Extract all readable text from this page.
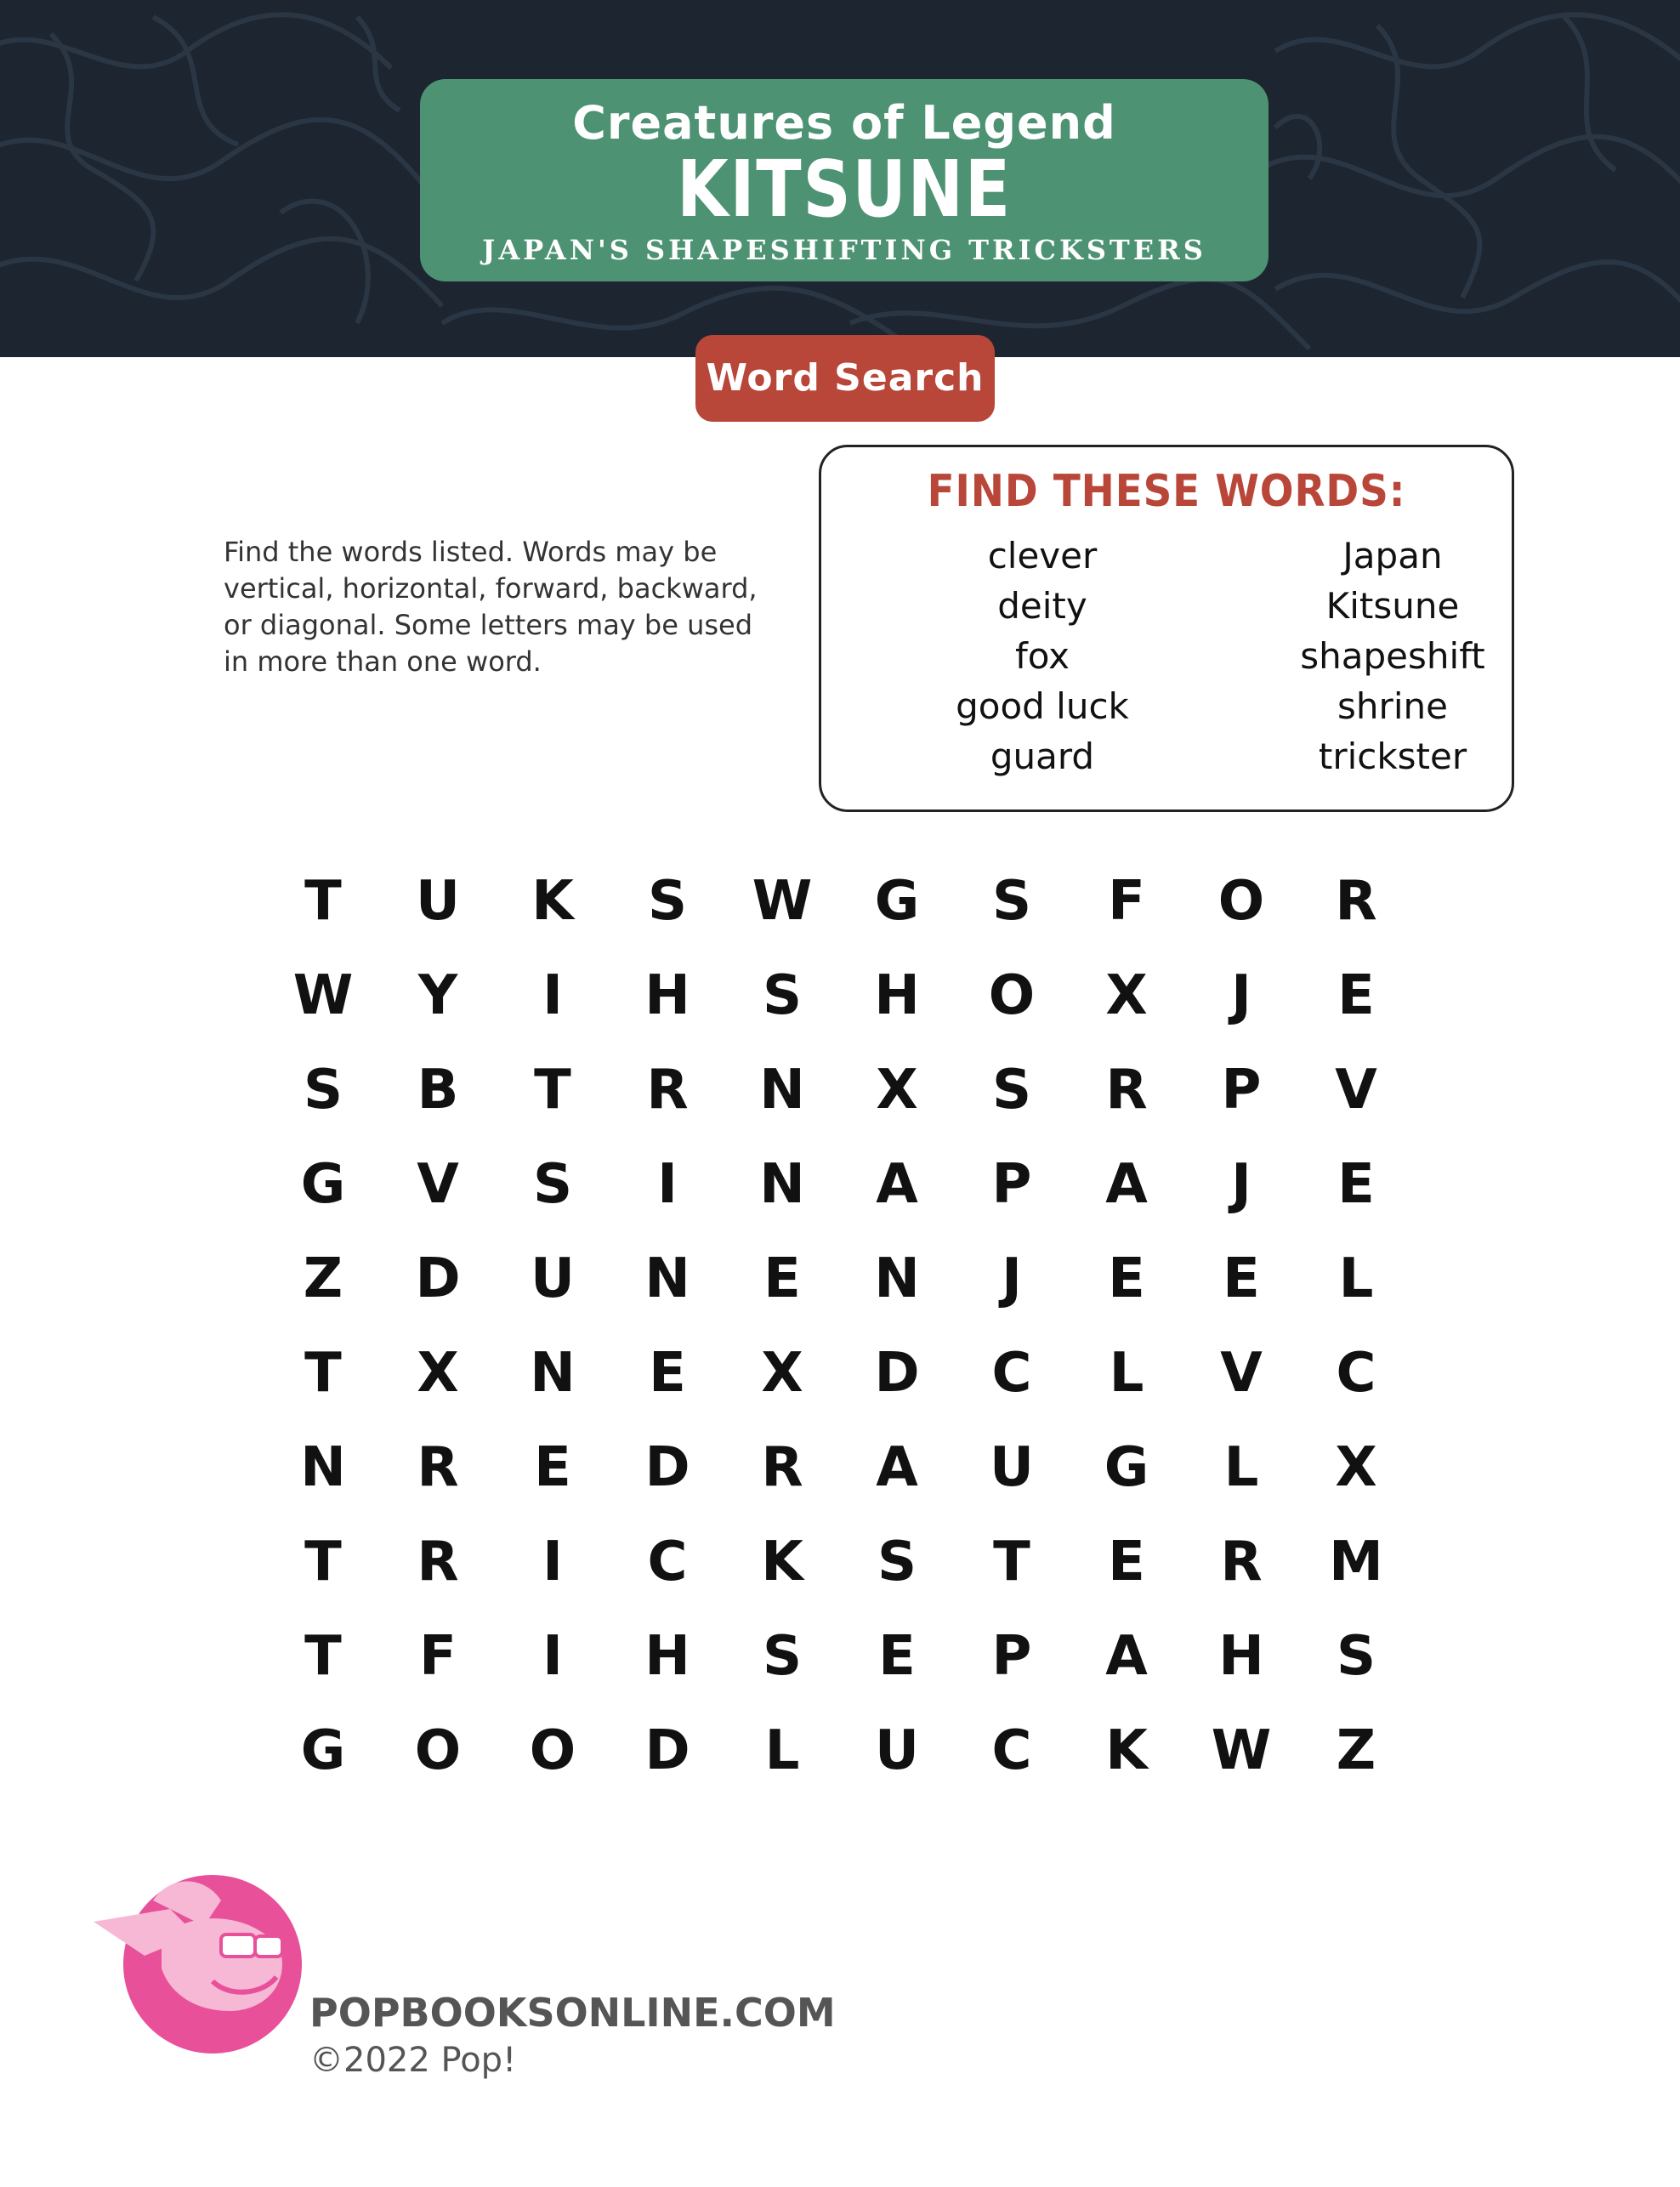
Creatures of Legend
KITSUNE
JAPAN'S SHAPESHIFTING TRICKSTERS
Word Search
Find the words listed. Words may be vertical, horizontal, forward, backward, or diagonal. Some letters may be used in more than one word.
FIND THESE WORDS:
clever
deity
fox
good luck
guard
Japan
Kitsune
shapeshift
shrine
trickster
T	U	K	S	W	G	S	F	O	R
W	Y	I	H	S	H	O	X	J	E
S	B	T	R	N	X	S	R	P	V
G	V	S	I	N	A	P	A	J	E
Z	D	U	N	E	N	J	E	E	L
T	X	N	E	X	D	C	L	V	C
N	R	E	D	R	A	U	G	L	X
T	R	I	C	K	S	T	E	R	M
T	F	I	H	S	E	P	A	H	S
G	O	O	D	L	U	C	K	W	Z
POPBOOKSONLINE.COM
©2022 Pop!
